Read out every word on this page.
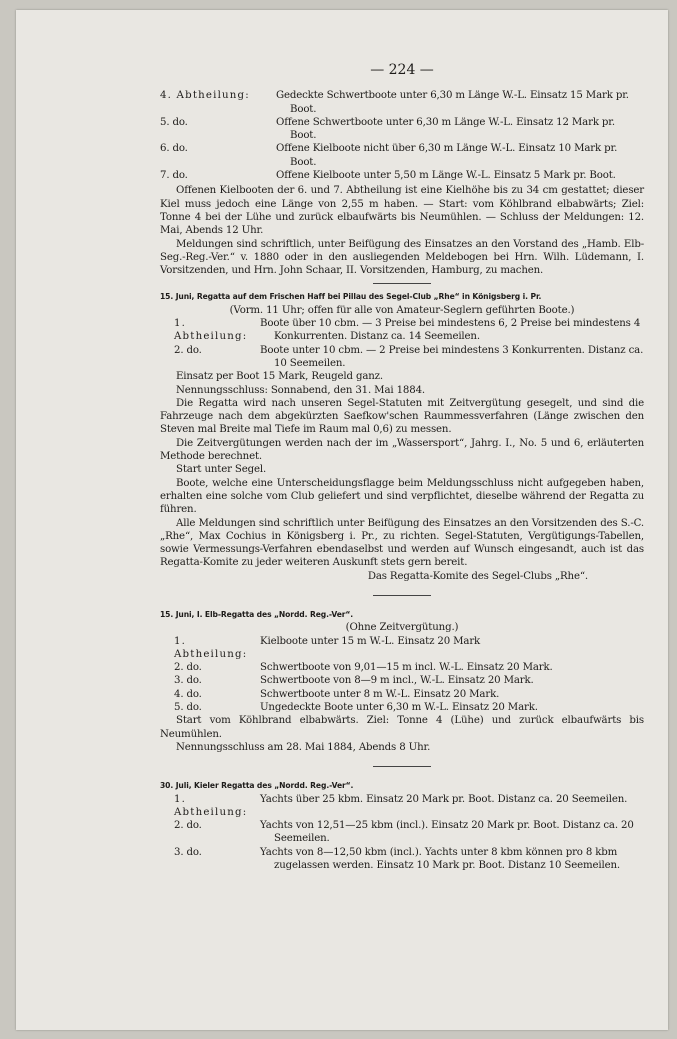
— 224 —
4. Abtheilung:	Gedeckte Schwertboote unter 6,30 m Länge W.-L. Einsatz 15 Mark pr. Boot.
5. do.	Offene Schwertboote unter 6,30 m Länge W.-L. Einsatz 12 Mark pr. Boot.
6. do.	Offene Kielboote nicht über 6,30 m Länge W.-L. Einsatz 10 Mark pr. Boot.
7. do.	Offene Kielboote unter 5,50 m Länge W.-L. Einsatz 5 Mark pr. Boot.

Offenen Kielbooten der 6. und 7. Abtheilung ist eine Kielhöhe bis zu 34 cm gestattet; dieser Kiel muss jedoch eine Länge von 2,55 m haben. — Start: vom Köhlbrand elbabwärts; Ziel: Tonne 4 bei der Lühe und zurück elbaufwärts bis Neumühlen. — Schluss der Meldungen: 12. Mai, Abends 12 Uhr.

Meldungen sind schriftlich, unter Beifügung des Einsatzes an den Vorstand des „Hamb. Elb-Seg.-Reg.-Ver.“ v. 1880 oder in den ausliegenden Meldebogen bei Hrn. Wilh. Lüdemann, I. Vorsitzenden, und Hrn. John Schaar, II. Vorsitzenden, Hamburg, zu machen.

15. Juni, Regatta auf dem Frischen Haff bei Pillau des Segel-Club „Rhe“ in Königsberg i. Pr.
(Vorm. 11 Uhr; offen für alle von Amateur-Seglern geführten Boote.)
1. Abtheilung:
Boote über 10 cbm. — 3 Preise bei mindestens 6, 2 Preise bei mindestens 4 Konkurrenten. Distanz ca. 14 Seemeilen.
2. do.	Boote unter 10 cbm. — 2 Preise bei mindestens 3 Konkurrenten. Distanz ca. 10 Seemeilen.

Einsatz per Boot 15 Mark, Reugeld ganz.

Nennungsschluss: Sonnabend, den 31. Mai 1884.

Die Regatta wird nach unseren Segel-Statuten mit Zeitvergütung gesegelt, und sind die Fahrzeuge nach dem abgekürzten Saefkow'schen Raummessverfahren (Länge zwischen den Steven mal Breite mal Tiefe im Raum mal 0,6) zu messen.

Die Zeitvergütungen werden nach der im „Wassersport“, Jahrg. I., No. 5 und 6, erläuterten Methode berechnet.

Start unter Segel.

Boote, welche eine Unterscheidungsflagge beim Meldungsschluss nicht aufgegeben haben, erhalten eine solche vom Club geliefert und sind verpflichtet, dieselbe während der Regatta zu führen.

Alle Meldungen sind schriftlich unter Beifügung des Einsatzes an den Vorsitzenden des S.-C. „Rhe“, Max Cochius in Königsberg i. Pr., zu richten. Segel-Statuten, Vergütigungs-Tabellen, sowie Vermessungs-Verfahren ebendaselbst und werden auf Wunsch eingesandt, auch ist das Regatta-Komite zu jeder weiteren Auskunft stets gern bereit.

Das Regatta-Komite des Segel-Clubs „Rhe“.
15. Juni, I. Elb-Regatta des „Nordd. Reg.-Ver“.
(Ohne Zeitvergütung.)
1. Abtheilung:
Kielboote unter 15 m W.-L. Einsatz 20 Mark
2. do.	Schwertboote von 9,01—15 m incl. W.-L. Einsatz 20 Mark.
3. do.	Schwertboote von 8—9 m incl., W.-L. Einsatz 20 Mark.
4. do.	Schwertboote unter 8 m W.-L. Einsatz 20 Mark.
5. do.	Ungedeckte Boote unter 6,30 m W.-L. Einsatz 20 Mark.

Start vom Köhlbrand elbabwärts. Ziel: Tonne 4 (Lühe) und zurück elbaufwärts bis Neumühlen.

Nennungsschluss am 28. Mai 1884, Abends 8 Uhr.

30. Juli, Kieler Regatta des „Nordd. Reg.-Ver“.
1. Abtheilung:
Yachts über 25 kbm. Einsatz 20 Mark pr. Boot. Distanz ca. 20 Seemeilen.
2. do.	Yachts von 12,51—25 kbm (incl.). Einsatz 20 Mark pr. Boot. Distanz ca. 20 Seemeilen.
3. do.	Yachts von 8—12,50 kbm (incl.). Yachts unter 8 kbm können pro 8 kbm zugelassen werden. Einsatz 10 Mark pr. Boot. Distanz 10 Seemeilen.
